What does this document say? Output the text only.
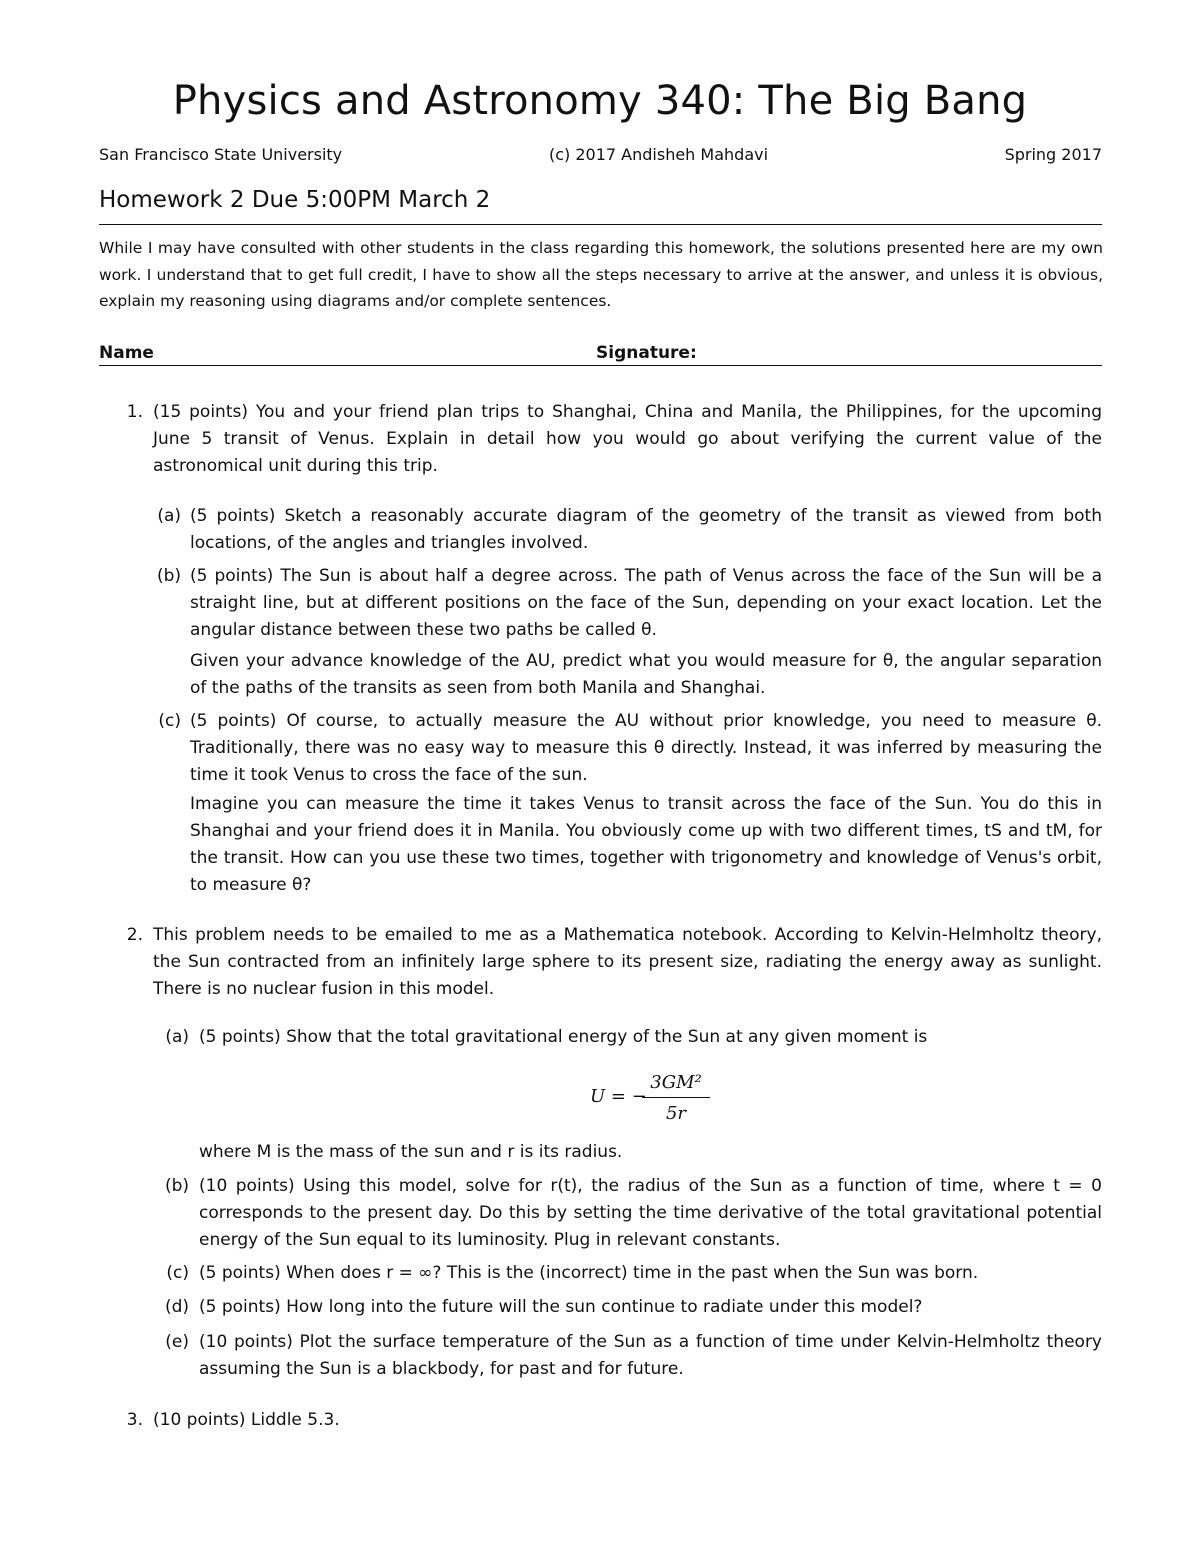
Physics and Astronomy 340: The Big Bang
San Francisco State University	(c) 2017 Andisheh Mahdavi	Spring 2017
Homework 2 Due 5:00PM March 2
While I may have consulted with other students in the class regarding this homework, the solutions presented here are my own work. I understand that to get full credit, I have to show all the steps necessary to arrive at the answer, and unless it is obvious, explain my reasoning using diagrams and/or complete sentences.
Name	Signature:
1. (15 points) You and your friend plan trips to Shanghai, China and Manila, the Philippines, for the upcoming June 5 transit of Venus. Explain in detail how you would go about verifying the current value of the astronomical unit during this trip.
(a) (5 points) Sketch a reasonably accurate diagram of the geometry of the transit as viewed from both locations, of the angles and triangles involved.
(b) (5 points) The Sun is about half a degree across. The path of Venus across the face of the Sun will be a straight line, but at different positions on the face of the Sun, depending on your exact location. Let the angular distance between these two paths be called θ.
Given your advance knowledge of the AU, predict what you would measure for θ, the angular separation of the paths of the transits as seen from both Manila and Shanghai.
(c) (5 points) Of course, to actually measure the AU without prior knowledge, you need to measure θ. Traditionally, there was no easy way to measure this θ directly. Instead, it was inferred by measuring the time it took Venus to cross the face of the sun.
Imagine you can measure the time it takes Venus to transit across the face of the Sun. You do this in Shanghai and your friend does it in Manila. You obviously come up with two different times, tS and tM, for the transit. How can you use these two times, together with trigonometry and knowledge of Venus's orbit, to measure θ?
2. This problem needs to be emailed to me as a Mathematica notebook. According to Kelvin-Helmholtz theory, the Sun contracted from an infinitely large sphere to its present size, radiating the energy away as sunlight. There is no nuclear fusion in this model.
(a) (5 points) Show that the total gravitational energy of the Sun at any given moment is
U = −
$\frac{\text{3GM²}}{5r}$
where M is the mass of the sun and r is its radius.
(b) (10 points) Using this model, solve for r(t), the radius of the Sun as a function of time, where t = 0 corresponds to the present day. Do this by setting the time derivative of the total gravitational potential energy of the Sun equal to its luminosity. Plug in relevant constants.
(c) (5 points) When does r = ∞? This is the (incorrect) time in the past when the Sun was born.
(d) (5 points) How long into the future will the sun continue to radiate under this model?
(e) (10 points) Plot the surface temperature of the Sun as a function of time under Kelvin-Helmholtz theory assuming the Sun is a blackbody, for past and for future.
3. (10 points) Liddle 5.3.
